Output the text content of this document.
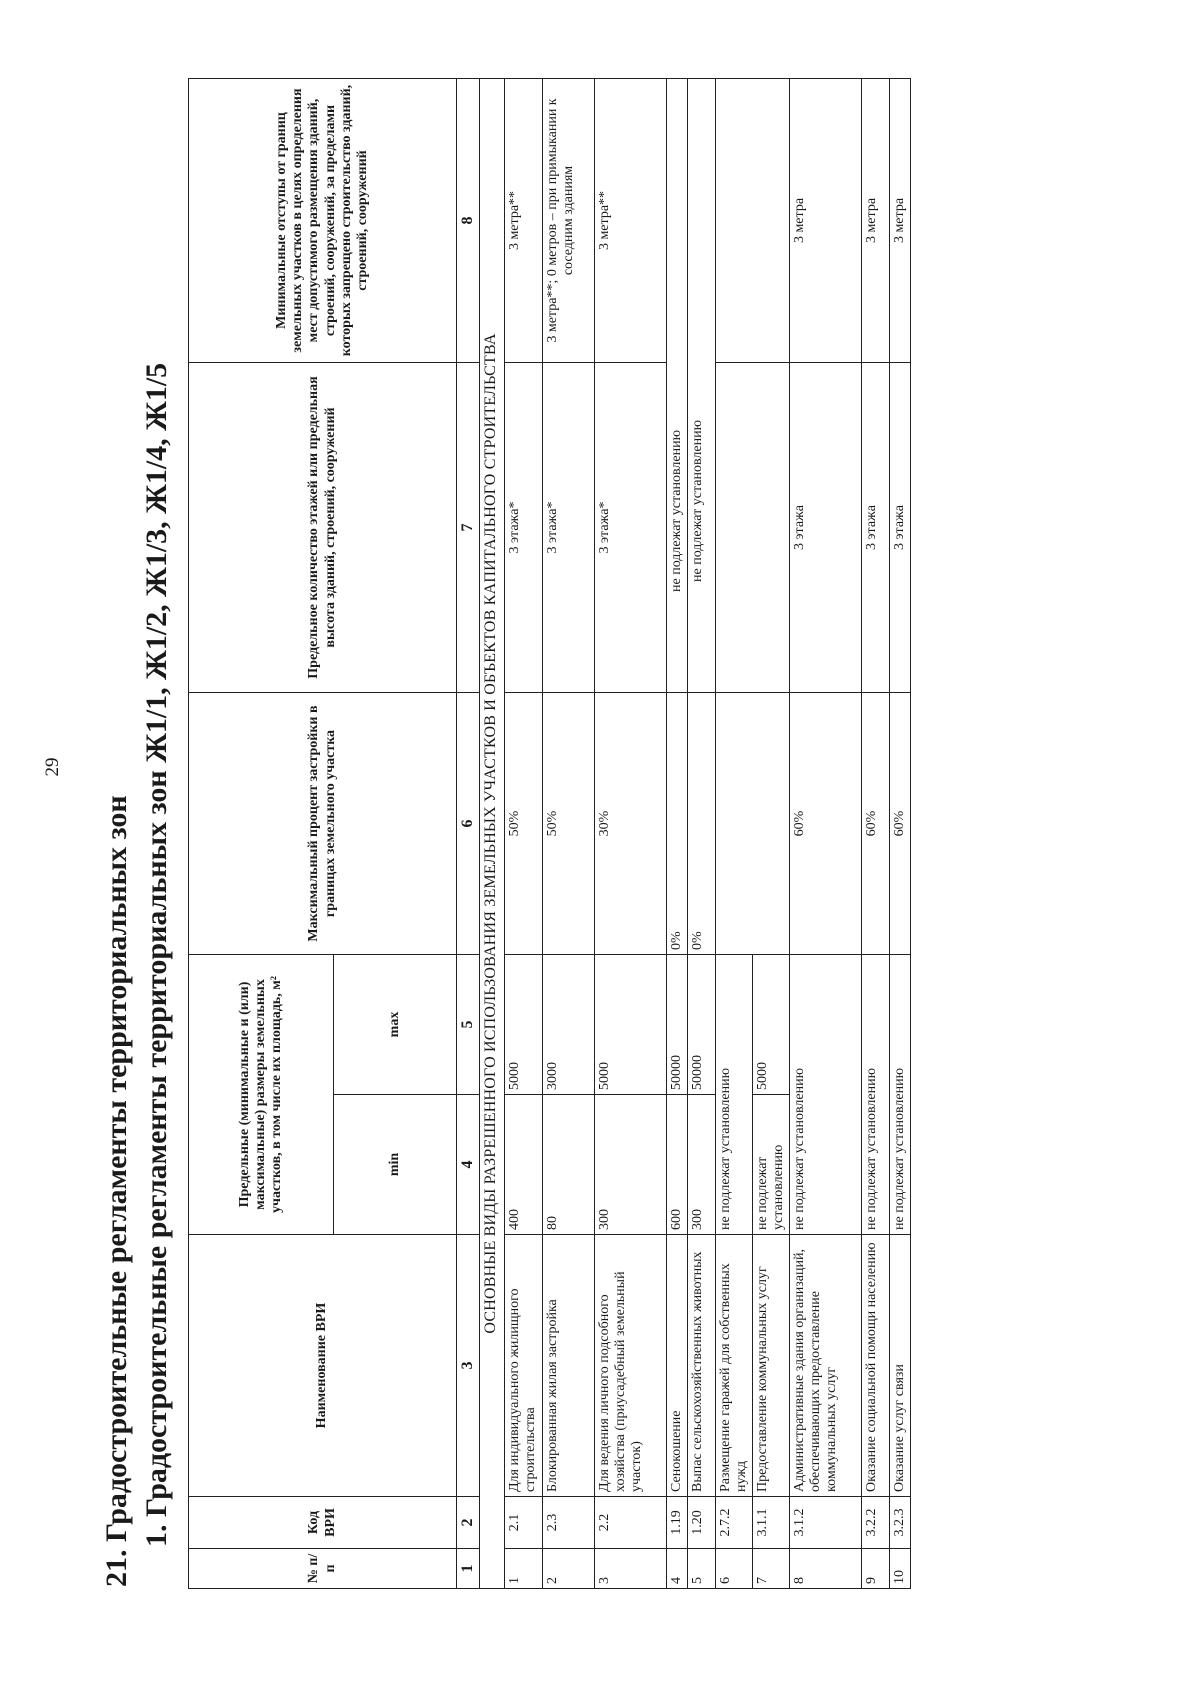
29
21. Градостроительные регламенты территориальных зон 1. Градостроительные регламенты территориальных зон Ж1/1, Ж1/2, Ж1/3, Ж1/4, Ж1/5
№ п/п	Код ВРИ	Наименование ВРИ	Предельные (минимальные и (или) максимальные) размеры земельных участков, в том числе их площадь, м²		Максимальный процент застройки в границах земельного участка	Предельное количество этажей или предельная высота зданий, строений, сооружений	Минимальные отступы от границ земельных участков в целях определения мест допустимого размещения зданий, строений, сооружений, за пределами которых запрещено строительство зданий, строений, сооружений
			min	max			
1	2	3	4	5	6	7	8
ОСНОВНЫЕ ВИДЫ РАЗРЕШЕННОГО ИСПОЛЬЗОВАНИЯ ЗЕМЕЛЬНЫХ УЧАСТКОВ И ОБЪЕКТОВ КАПИТАЛЬНОГО СТРОИТЕЛЬСТВА							
1	2.1	Для индивидуального жилищного строительства	400	5000	50%	3 этажа*	3 метра**
2	2.3	Блокированная жилая застройка	80	3000	50%	3 этажа*	3 метра**; 0 метров – при примыкании к соседним зданиям
3	2.2	Для ведения личного подсобного хозяйства (приусадебный земельный участок)	300	5000	30%	3 этажа*	3 метра**
4	1.19	Сенокошение	600	50000	0%	не подлежат установлению	
5	1.20	Выпас сельскохозяйственных животных	300	50000	0%	не подлежат установлению	
6	2.7.2	Размещение гаражей для собственных нужд	не подлежат установлению				
7	3.1.1	Предоставление коммунальных услуг	не подлежат установлению	5000			
8	3.1.2	Административные здания организаций, обеспечивающих предоставление коммунальных услуг	не подлежат установлению		60%	3 этажа	3 метра
9	3.2.2	Оказание социальной помощи населению	не подлежат установлению		60%	3 этажа	3 метра
10	3.2.3	Оказание услуг связи	не подлежат установлению		60%	3 этажа	3 метра
